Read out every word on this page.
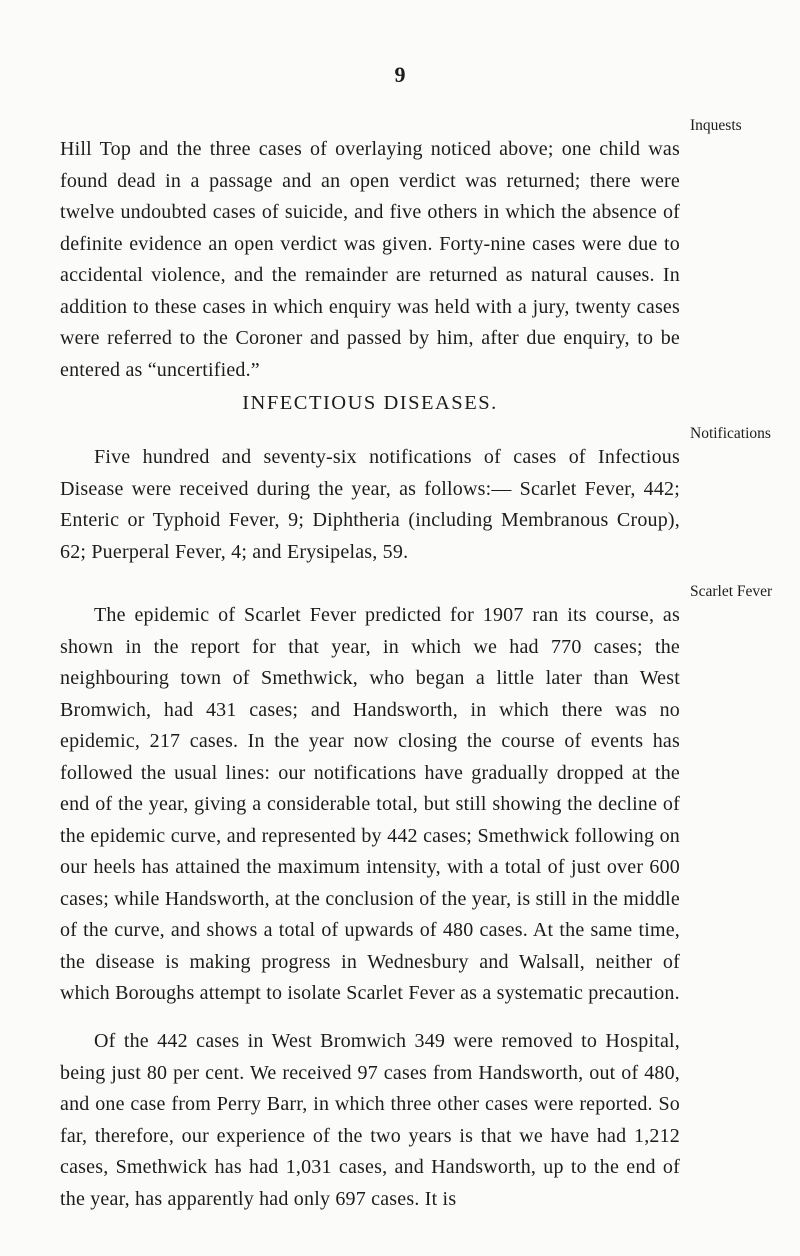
9

Hill Top and the three cases of overlaying noticed above; one child was found dead in a passage and an open verdict was returned; there were twelve undoubted cases of suicide, and five others in which the absence of definite evidence an open verdict was given. Forty-nine cases were due to accidental violence, and the remainder are returned as natural causes. In addition to these cases in which enquiry was held with a jury, twenty cases were referred to the Coroner and passed by him, after due enquiry, to be entered as “uncertified.”

Inquests
INFECTIOUS DISEASES.

Five hundred and seventy-six notifications of cases of Infectious Disease were received during the year, as follows:— Scarlet Fever, 442; Enteric or Typhoid Fever, 9; Diphtheria (including Membranous Croup), 62; Puerperal Fever, 4; and Erysipelas, 59.

Notifications

The epidemic of Scarlet Fever predicted for 1907 ran its course, as shown in the report for that year, in which we had 770 cases; the neighbouring town of Smethwick, who began a little later than West Bromwich, had 431 cases; and Handsworth, in which there was no epidemic, 217 cases. In the year now closing the course of events has followed the usual lines: our notifications have gradually dropped at the end of the year, giving a considerable total, but still showing the decline of the epidemic curve, and represented by 442 cases; Smethwick following on our heels has attained the maximum intensity, with a total of just over 600 cases; while Handsworth, at the conclusion of the year, is still in the middle of the curve, and shows a total of upwards of 480 cases. At the same time, the disease is making progress in Wednesbury and Walsall, neither of which Boroughs attempt to isolate Scarlet Fever as a systematic precaution.

Scarlet Fever

Of the 442 cases in West Bromwich 349 were removed to Hospital, being just 80 per cent. We received 97 cases from Handsworth, out of 480, and one case from Perry Barr, in which three other cases were reported. So far, therefore, our experience of the two years is that we have had 1,212 cases, Smethwick has had 1,031 cases, and Handsworth, up to the end of the year, has apparently had only 697 cases. It is
